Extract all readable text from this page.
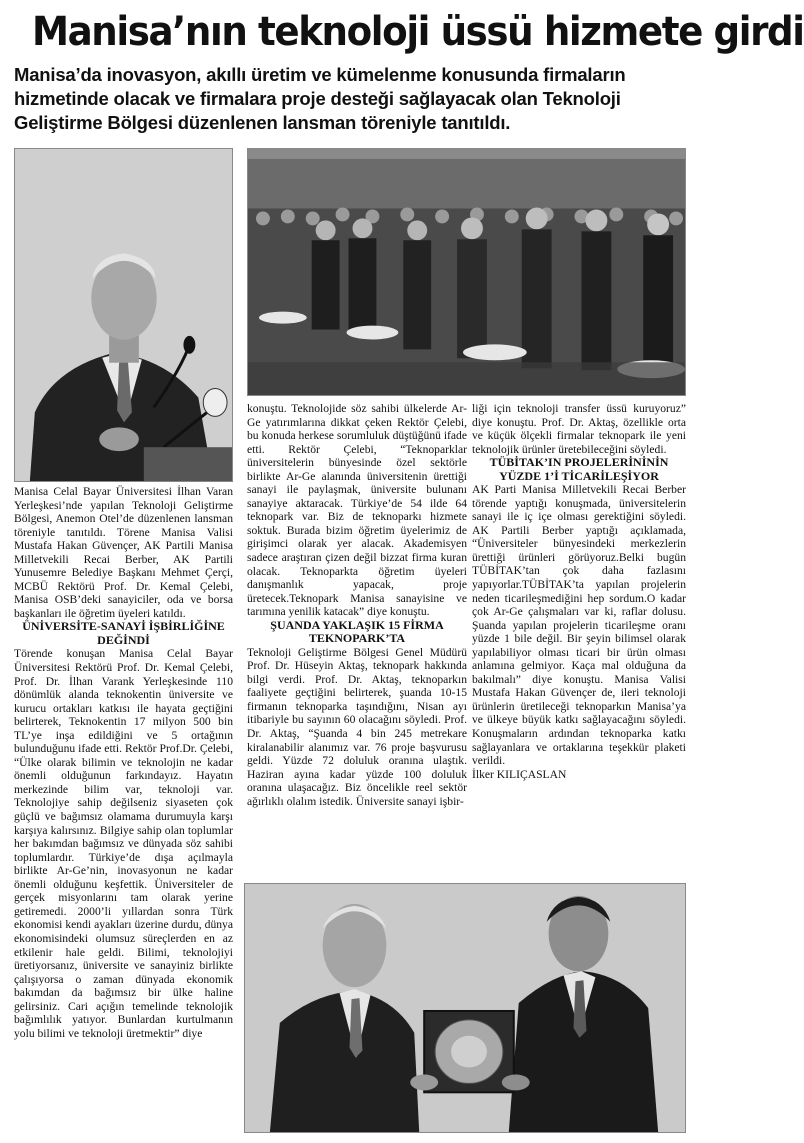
Manisa’nın teknoloji üssü hizmete girdi
Manisa’da inovasyon, akıllı üretim ve kümelenme konusunda firmaların hizmetinde olacak ve firmalara proje desteği sağlayacak olan Teknoloji Geliştirme Bölgesi düzenlenen lansman töreniyle tanıtıldı.

Manisa Celal Bayar Üniversitesi İlhan Varan Yerleşkesi’nde yapılan Teknoloji Geliştirme Bölgesi, Anemon Otel’de düzenlenen lansman töreniyle tanıtıldı. Törene Manisa Valisi Mustafa Hakan Güvençer, AK Partili Manisa Milletvekili Recai Berber, AK Partili Yunusemre Belediye Başkanı Mehmet Çerçi, MCBÜ Rektörü Prof. Dr. Kemal Çelebi, Manisa OSB’deki sanayiciler, oda ve borsa başkanları ile öğretim üyeleri katıldı.

ÜNİVERSİTE-SANAYİ İŞBİRLİĞİNE DEĞİNDİ

Törende konuşan Manisa Celal Bayar Üniversitesi Rektörü Prof. Dr. Kemal Çelebi, Prof. Dr. İlhan Varank Yerleşkesinde 110 dönümlük alanda teknokentin üniversite ve kurucu ortakları katkısı ile hayata geçtiğini belirterek, Teknokentin 17 milyon 500 bin TL’ye inşa edildiğini ve 5 ortağının bulunduğunu ifade etti. Rektör Prof.Dr. Çelebi, “Ülke olarak bilimin ve teknolojin ne kadar önemli olduğunun farkındayız. Hayatın merkezinde bilim var, teknoloji var. Teknolojiye sahip değilseniz siyaseten çok güçlü ve bağımsız olamama durumuyla karşı karşıya kalırsınız. Bilgiye sahip olan toplumlar her bakımdan bağımsız ve dünyada söz sahibi toplumlardır. Türkiye’de dışa açılmayla birlikte Ar-Ge’nin, inovasyonun ne kadar önemli olduğunu keşfettik. Üniversiteler de gerçek misyonlarını tam olarak yerine getiremedi. 2000’li yıllardan sonra Türk ekonomisi kendi ayakları üzerine durdu, dünya ekonomisindeki olumsuz süreçlerden en az etkilenir hale geldi. Bilimi, teknolojiyi üretiyorsanız, üniversite ve sanayiniz birlikte çalışıyorsa o zaman dünyada ekonomik bakımdan da bağımsız bir ülke haline gelirsiniz. Cari açığın temelinde teknolojik bağımlılık yatıyor. Bunlardan kurtulmanın yolu bilimi ve teknoloji üretmektir” diye

konuştu. Teknolojide söz sahibi ülkelerde Ar-Ge yatırımlarına dikkat çeken Rektör Çelebi, bu konuda herkese sorumluluk düştüğünü ifade etti. Rektör Çelebi, “Teknoparklar üniversitelerin bünyesinde özel sektörle birlikte Ar-Ge alanında üniversitenin ürettiği sanayi ile paylaşmak, üniversite bulunanı sanayiye aktaracak. Türkiye’de 54 ilde 64 teknopark var. Biz de teknoparkı hizmete soktuk. Burada bizim öğretim üyelerimiz de girişimci olarak yer alacak. Akademisyen sadece araştıran çizen değil bizzat firma kuran olacak. Teknoparkta öğretim üyeleri danışmanlık yapacak, proje üretecek.Teknopark Manisa sanayisine ve tarımına yenilik katacak” diye konuştu.

ŞUANDA YAKLAŞIK 15 FİRMA TEKNOPARK’TA

Teknoloji Geliştirme Bölgesi Genel Müdürü Prof. Dr. Hüseyin Aktaş, teknopark hakkında bilgi verdi. Prof. Dr. Aktaş, teknoparkın faaliyete geçtiğini belirterek, şuanda 10-15 firmanın teknoparka taşındığını, Nisan ayı itibariyle bu sayının 60 olacağını söyledi. Prof. Dr. Aktaş, “Şuanda 4 bin 245 metrekare kiralanabilir alanımız var. 76 proje başvurusu geldi. Yüzde 72 doluluk oranına ulaştık. Haziran ayına kadar yüzde 100 doluluk oranına ulaşacağız. Biz öncelikle reel sektör ağırlıklı olalım istedik. Üniversite sanayi işbir-

liği için teknoloji transfer üssü kuruyoruz” diye konuştu. Prof. Dr. Aktaş, özellikle orta ve küçük ölçekli firmalar teknopark ile yeni teknolojik ürünler üretebileceğini söyledi.

TÜBİTAK’IN PROJELERİNİNİN YÜZDE 1’İ TİCARİLEŞİYOR

AK Parti Manisa Milletvekili Recai Berber törende yaptığı konuşmada, üniversitelerin sanayi ile iç içe olması gerektiğini söyledi. AK Partili Berber yaptığı açıklamada, “Üniversiteler bünyesindeki merkezlerin ürettiği ürünleri görüyoruz.Belki bugün TÜBİTAK’tan çok daha fazlasını yapıyorlar.TÜBİTAK’ta yapılan projelerin neden ticarileşmediğini hep sordum.O kadar çok Ar-Ge çalışmaları var ki, raflar dolusu. Şuanda yapılan projelerin ticarileşme oranı yüzde 1 bile değil. Bir şeyin bilimsel olarak yapılabiliyor olması ticari bir ürün olması anlamına gelmiyor. Kaça mal olduğuna da bakılmalı” diye konuştu. Manisa Valisi Mustafa Hakan Güvençer de, ileri teknoloji ürünlerin üretileceği teknoparkın Manisa’ya ve ülkeye büyük katkı sağlayacağını söyledi. Konuşmaların ardından teknoparka katkı sağlayanlara ve ortaklarına teşekkür plaketi verildi.

İlker KILIÇASLAN
